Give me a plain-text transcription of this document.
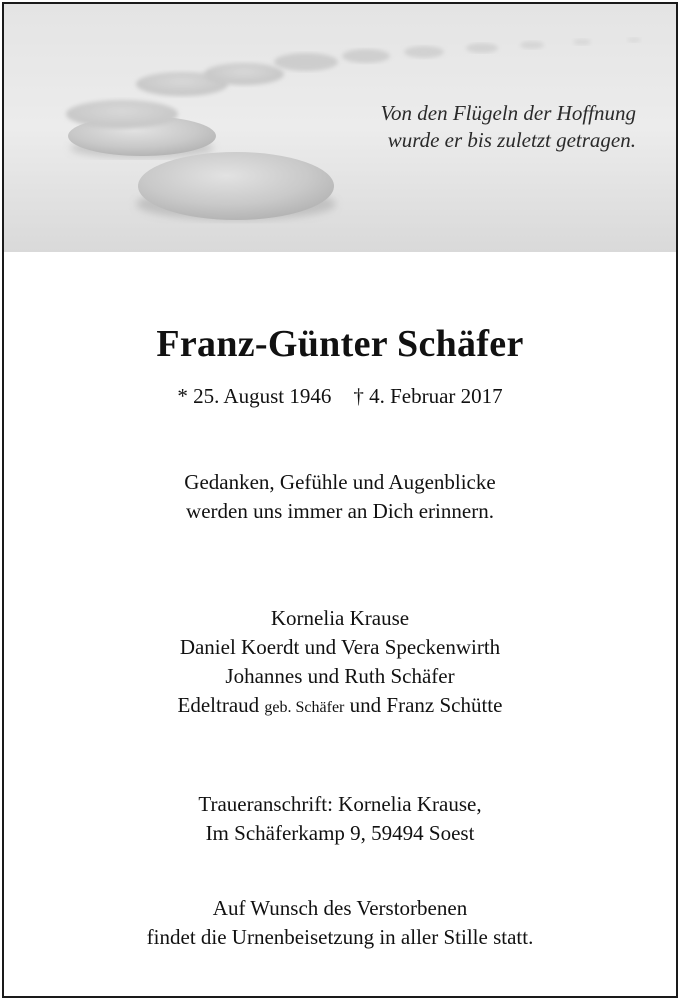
Von den Flügeln der Hoffnung
wurde er bis zuletzt getragen.
Franz-Günter Schäfer
* 25. August 1946 † 4. Februar 2017
Gedanken, Gefühle und Augenblicke
werden uns immer an Dich erinnern.
Kornelia Krause
Daniel Koerdt und Vera Speckenwirth
Johannes und Ruth Schäfer
Edeltraud geb. Schäfer und Franz Schütte
Traueranschrift: Kornelia Krause,
Im Schäferkamp 9, 59494 Soest
Auf Wunsch des Verstorbenen
findet die Urnenbeisetzung in aller Stille statt.
